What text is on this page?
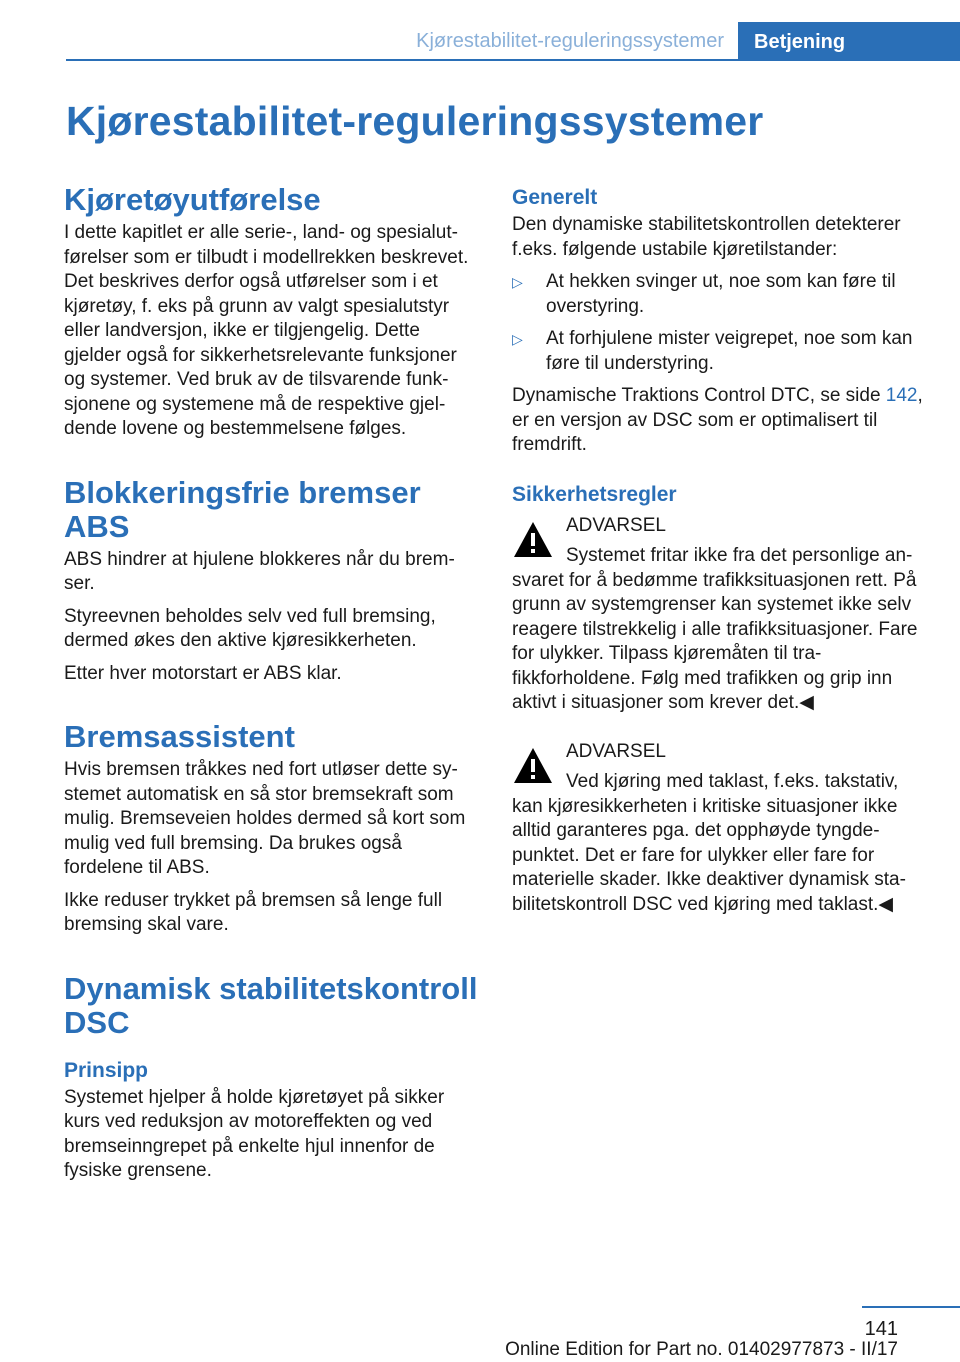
Kjørestabilitet-reguleringssystemer	Betjening
Kjørestabilitet-reguleringssystemer
Kjøretøyutførelse

I dette kapitlet er alle serie-, land- og spesialutførelser som er tilbudt i modellrekken beskrevet. Det beskrives derfor også utførelser som i et kjøretøy, f. eks på grunn av valgt spesialutstyr eller landversjon, ikke er tilgjengelig. Dette gjelder også for sikkerhetsrelevante funksjoner og systemer. Ved bruk av de tilsvarende funksjonene og systemene må de respektive gjeldende lovene og bestemmelsene følges.

Blokkeringsfrie bremser ABS

ABS hindrer at hjulene blokkeres når du bremser.

Styreevnen beholdes selv ved full bremsing, dermed økes den aktive kjøresikkerheten.

Etter hver motorstart er ABS klar.

Bremsassistent

Hvis bremsen tråkkes ned fort utløser dette systemet automatisk en så stor bremsekraft som mulig. Bremseveien holdes dermed så kort som mulig ved full bremsing. Da brukes også fordelene til ABS.

Ikke reduser trykket på bremsen så lenge full bremsing skal vare.

Dynamisk stabilitetskontroll DSC
Prinsipp

Systemet hjelper å holde kjøretøyet på sikker kurs ved reduksjon av motoreffekten og ved bremseinngrepet på enkelte hjul innenfor de fysiske grensene.

Generelt

Den dynamiske stabilitetskontrollen detekterer f.eks. følgende ustabile kjøretilstander:

▷ At hekken svinger ut, noe som kan føre til overstyring.
▷ At forhjulene mister veigrepet, noe som kan føre til understyring.

Dynamische Traktions Control DTC, se side 142, er en versjon av DSC som er optimalisert til fremdrift.

Sikkerhetsregler
ADVARSEL
Systemet fritar ikke fra det personlige ansvaret for å bedømme trafikksituasjonen rett. På grunn av systemgrenser kan systemet ikke selv reagere tilstrekkelig i alle trafikksituasjoner. Fare for ulykker. Tilpass kjøremåten til trafikkforholdene. Følg med trafikken og grip inn aktivt i situasjoner som krever det.◀
ADVARSEL
Ved kjøring med taklast, f.eks. takstativ, kan kjøresikkerheten i kritiske situasjoner ikke alltid garanteres pga. det opphøyde tyngdepunktet. Det er fare for ulykker eller fare for materielle skader. Ikke deaktiver dynamisk stabilitetskontroll DSC ved kjøring med taklast.◀
141
Online Edition for Part no. 01402977873 - II/17
